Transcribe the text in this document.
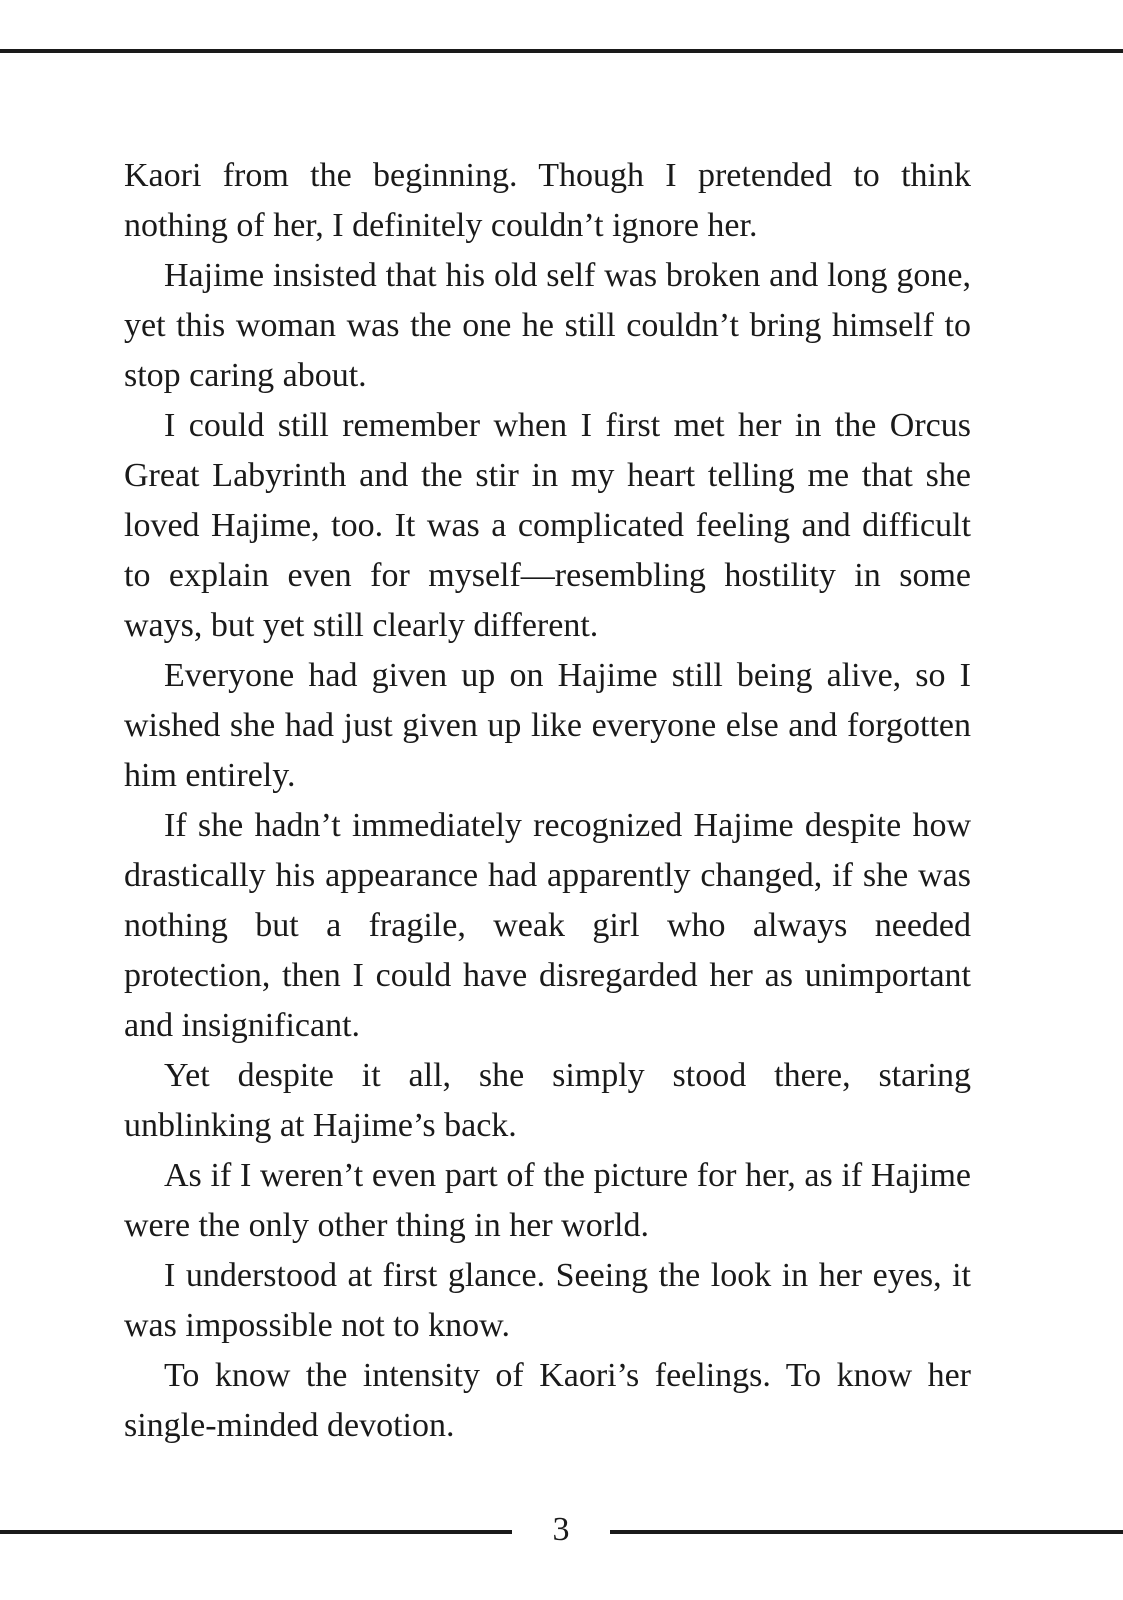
Kaori from the beginning. Though I pretended to think nothing of her, I definitely couldn’t ignore her.

Hajime insisted that his old self was broken and long gone, yet this woman was the one he still couldn’t bring himself to stop caring about.

I could still remember when I first met her in the Orcus Great Labyrinth and the stir in my heart telling me that she loved Hajime, too. It was a complicated feeling and difficult to explain even for myself—resembling hostility in some ways, but yet still clearly different.

Everyone had given up on Hajime still being alive, so I wished she had just given up like everyone else and forgotten him entirely.

If she hadn’t immediately recognized Hajime despite how drastically his appearance had apparently changed, if she was nothing but a fragile, weak girl who always needed protection, then I could have disregarded her as unimportant and insignificant.

Yet despite it all, she simply stood there, staring unblinking at Hajime’s back.

As if I weren’t even part of the picture for her, as if Hajime were the only other thing in her world.

I understood at first glance. Seeing the look in her eyes, it was impossible not to know.

To know the intensity of Kaori’s feelings. To know her single-minded devotion.

3
